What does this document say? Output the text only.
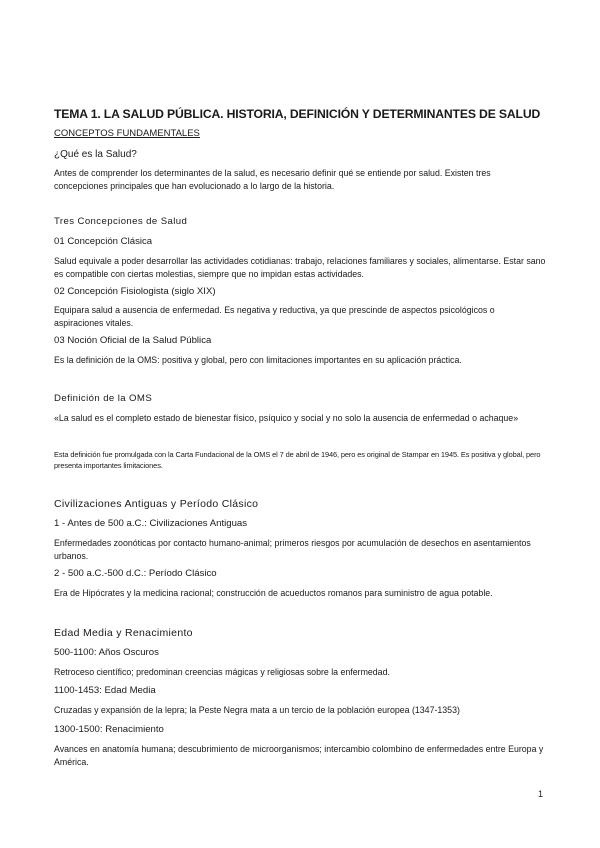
TEMA 1. LA SALUD PÚBLICA. HISTORIA, DEFINICIÓN Y DETERMINANTES DE SALUD
CONCEPTOS FUNDAMENTALES
¿Qué es la Salud?

Antes de comprender los determinantes de la salud, es necesario definir qué se entiende por salud. Existen tres concepciones principales que han evolucionado a lo largo de la historia.

Tres Concepciones de Salud
01 Concepción Clásica

Salud equivale a poder desarrollar las actividades cotidianas: trabajo, relaciones familiares y sociales, alimentarse. Estar sano es compatible con ciertas molestias, siempre que no impidan estas actividades.

02 Concepción Fisiologista (siglo XIX)

Equipara salud a ausencia de enfermedad. Es negativa y reductiva, ya que prescinde de aspectos psicológicos o aspiraciones vitales.

03 Noción Oficial de la Salud Pública

Es la definición de la OMS: positiva y global, pero con limitaciones importantes en su aplicación práctica.

Definición de la OMS

«La salud es el completo estado de bienestar físico, psíquico y social y no solo la ausencia de enfermedad o achaque»

Esta definición fue promulgada con la Carta Fundacional de la OMS el 7 de abril de 1946, pero es original de Stampar en 1945. Es positiva y global, pero presenta importantes limitaciones.

Civilizaciones Antiguas y Período Clásico
1 - Antes de 500 a.C.: Civilizaciones Antiguas

Enfermedades zoonóticas por contacto humano-animal; primeros riesgos por acumulación de desechos en asentamientos urbanos.

2 - 500 a.C.-500 d.C.: Período Clásico

Era de Hipócrates y la medicina racional; construcción de acueductos romanos para suministro de agua potable.

Edad Media y Renacimiento
500-1100: Años Oscuros

Retroceso científico; predominan creencias mágicas y religiosas sobre la enfermedad.

1100-1453: Edad Media

Cruzadas y expansión de la lepra; la Peste Negra mata a un tercio de la población europea (1347-1353)

1300-1500: Renacimiento

Avances en anatomía humana; descubrimiento de microorganismos; intercambio colombino de enfermedades entre Europa y América.

1
